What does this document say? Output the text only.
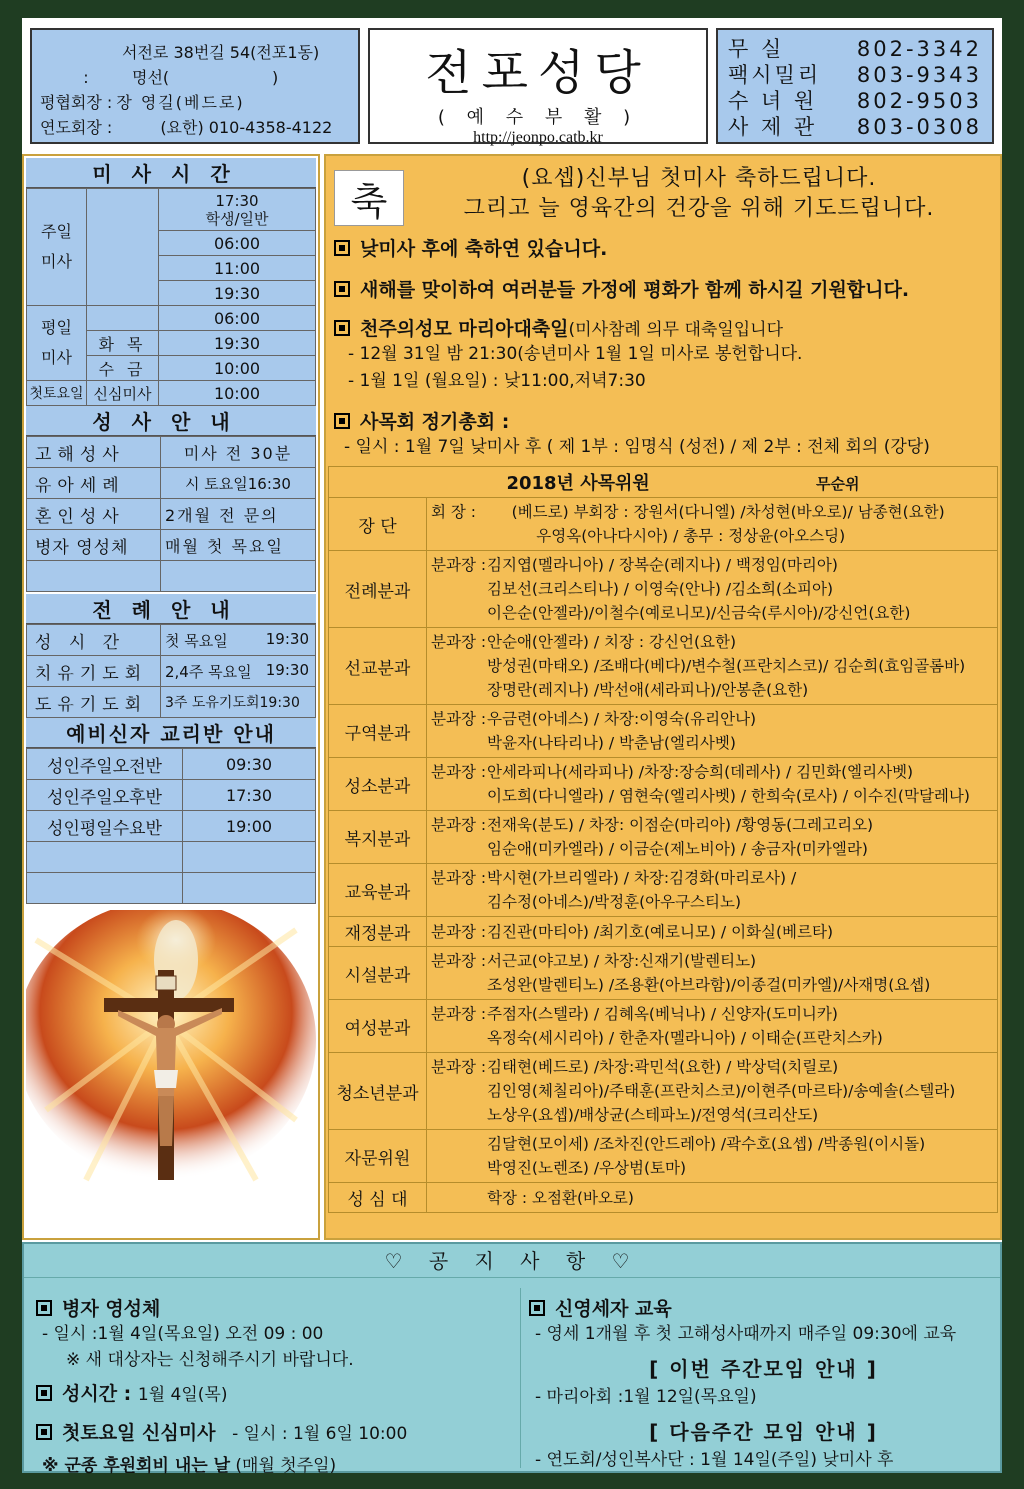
서전로 38번길 54(전포1동)
:	명선(	)
평협회장 : 장 영길(베드로)
연도회장 :	(요한) 010-4358-4122
전포성당
( 예 수 부 활 )
http://jeonpo.catb.kr
무 실	802-3342
팩시밀리 803-9343
수 녀 원 802-9503
사 제 관 803-0308
미사시간
주일
미사		17:30
학생/일반
		06:00
		11:00
		19:30
평일
미사		06:00
	화 목	19:30
	수 금	10:00
첫토요일	신심미사	10:00
성사안내
고해성사	미사 전 30분
유아세례	시 토요일16:30
혼인성사	2개월 전 문의
병자 영성체	매월 첫 목요일

전례안내
성 시 간	첫 목요일 19:30

치유기도회	2,4주 목요일 19:30

도유기도회	3주 도유기도회19:30
예비신자 교리반 안내
성인주일오전반	09:30
성인주일오후반	17:30
성인평일수요반	19:00

축
(요셉)신부님 첫미사 축하드립니다.
그리고 늘 영육간의 건강을 위해 기도드립니다.
낮미사 후에 축하연 있습니다.
새해를 맞이하여 여러분들 가정에 평화가 함께 하시길 기원합니다.
천주의성모 마리아대축일(미사참례 의무 대축일입니다
- 12월 31일 밤 21:30(송년미사 1월 1일 미사로 봉헌합니다.
- 1월 1일 (월요일) : 낮11:00,저녁7:30
사목회 정기총회 :
- 일시 : 1월 7일 낮미사 후 ( 제 1부 : 임명식 (성전) / 제 2부 : 전체 회의 (강당)
2018년 사목위원 무순위	
장 단	회 장 : (베드로) 부회장 : 장원서(다니엘) /차성현(바오로)/ 남종현(요한)
우영옥(아나다시아) / 총무 : 정상윤(아오스딩)

전례분과	분과장 : 김지엽(멜라니아) / 장복순(레지나) / 백정임(마리아)
김보선(크리스티나) / 이영숙(안나) /김소희(소피아)
이은순(안젤라)/이철수(예로니모)/신금숙(루시아)/강신언(요한)

선교분과	분과장 : 안순애(안젤라) / 치장 : 강신언(요한)
방성권(마태오) /조배다(베다)/변수철(프란치스코)/ 김순희(효임골롬바)
장명란(레지나) /박선애(세라피나)/안봉춘(요한)

구역분과	분과장 : 우금련(아네스) / 차장:이영숙(유리안나)
박윤자(나타리나) / 박춘남(엘리사벳)

성소분과	분과장 : 안세라피나(세라피나) /차장:장승희(데레사) / 김민화(엘리사벳)
이도희(다니엘라) / 염현숙(엘리사벳) / 한희숙(로사) / 이수진(막달레나)

복지분과	분과장 : 전재욱(분도) / 차장: 이점순(마리아) /황영동(그레고리오)
임순애(미카엘라) / 이금순(제노비아) / 송금자(미카엘라)

교육분과	분과장 : 박시현(가브리엘라) / 차장:김경화(마리로사) /
김수정(아네스)/박정훈(아우구스티노)

재정분과	분과장 : 김진관(마티아) /최기호(예로니모) / 이화실(베르타)

시설분과	분과장 : 서근교(야고보) / 차장:신재기(발렌티노)
조성완(발렌티노) /조용환(아브라함)/이종걸(미카엘)/사재명(요셉)

여성분과	분과장 : 주점자(스텔라) / 김혜옥(베닉나) / 신양자(도미니카)
옥정숙(세시리아) / 한춘자(멜라니아) / 이태순(프란치스카)

청소년분과	분과장 : 김태현(베드로) /차장:곽민석(요한) / 박상덕(치릴로)
김인영(체칠리아)/주태훈(프란치스코)/이현주(마르타)/송예솔(스텔라)
노상우(요셉)/배상균(스테파노)/전영석(크리산도)

자문위원	김달현(모이세) /조차진(안드레아) /곽수호(요셉) /박종원(이시돌)
박영진(노렌조) /우상범(토마)

성 심 대	학장 : 오점환(바오로)
♡ 공 지 사 항 ♡
병자 영성체
- 일시 :1월 4일(목요일) 오전 09 : 00
※ 새 대상자는 신청해주시기 바랍니다.
성시간 : 1월 4일(목)
첫토요일 신심미사 - 일시 : 1월 6일 10:00
※ 군종 후원회비 내는 날 (매월 첫주일)
신영세자 교육
- 영세 1개월 후 첫 고해성사때까지 매주일 09:30에 교육
[ 이번 주간모임 안내 ]
- 마리아회 :1월 12일(목요일)
[ 다음주간 모임 안내 ]
- 연도회/성인복사단 : 1월 14일(주일) 낮미사 후
